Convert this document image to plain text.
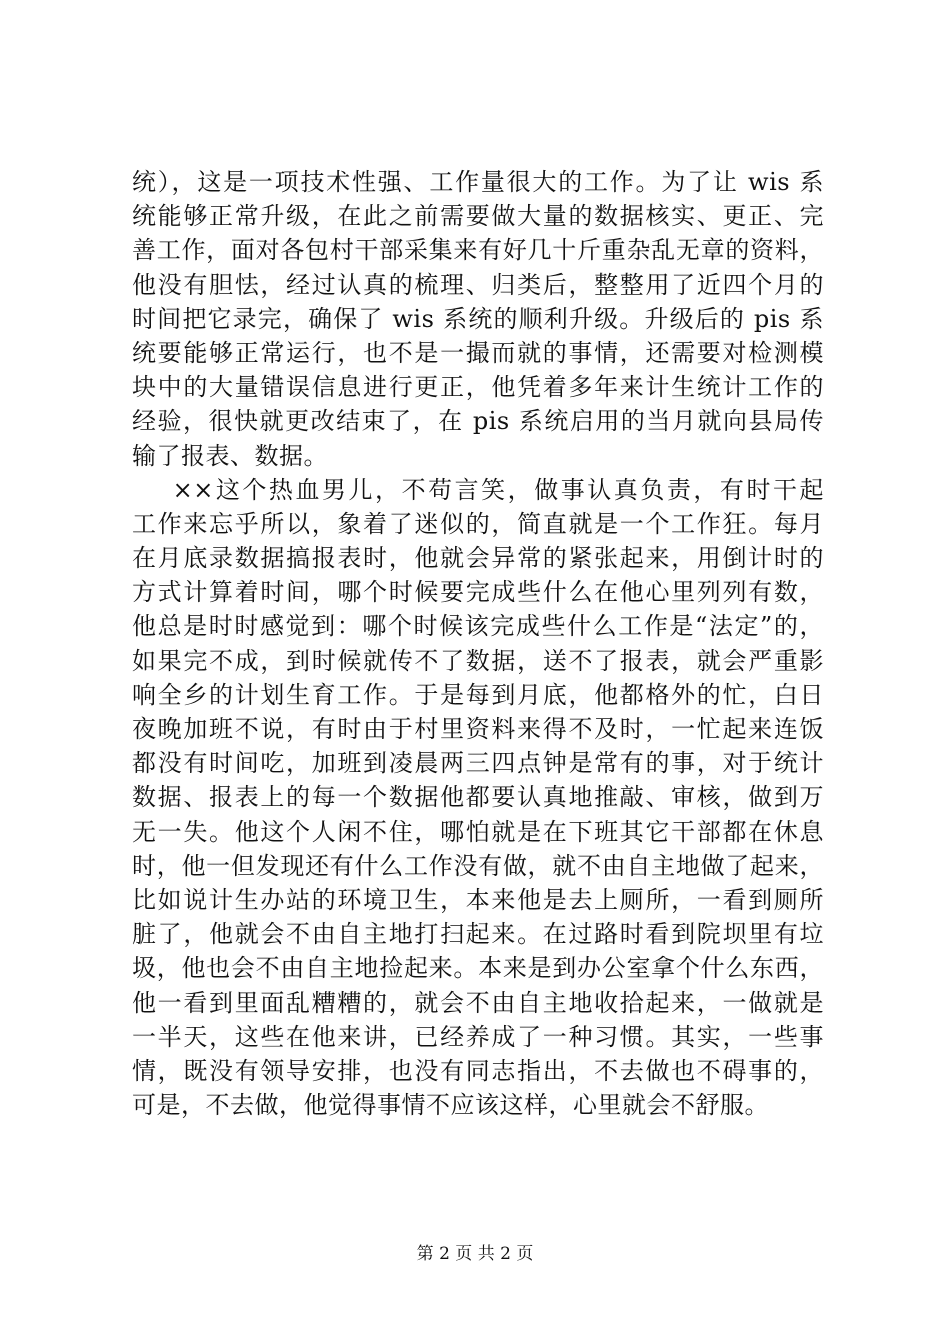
统），这是一项技术性强、工作量很大的工作。为了让 wis 系
统能够正常升级，在此之前需要做大量的数据核实、更正、完
善工作，面对各包村干部采集来有好几十斤重杂乱无章的资料，
他没有胆怯，经过认真的梳理、归类后，整整用了近四个月的
时间把它录完，确保了 wis 系统的顺利升级。升级后的 pis 系
统要能够正常运行，也不是一撮而就的事情，还需要对检测模
块中的大量错误信息进行更正，他凭着多年来计生统计工作的
经验，很快就更改结束了，在 pis 系统启用的当月就向县局传
输了报表、数据。
××这个热血男儿，不苟言笑，做事认真负责，有时干起
工作来忘乎所以，象着了迷似的，简直就是一个工作狂。每月
在月底录数据搞报表时，他就会异常的紧张起来，用倒计时的
方式计算着时间，哪个时候要完成些什么在他心里列列有数，
他总是时时感觉到：哪个时候该完成些什么工作是“法定”的，
如果完不成，到时候就传不了数据，送不了报表，就会严重影
响全乡的计划生育工作。于是每到月底，他都格外的忙，白日
夜晚加班不说，有时由于村里资料来得不及时，一忙起来连饭
都没有时间吃，加班到凌晨两三四点钟是常有的事，对于统计
数据、报表上的每一个数据他都要认真地推敲、审核，做到万
无一失。他这个人闲不住，哪怕就是在下班其它干部都在休息
时，他一但发现还有什么工作没有做，就不由自主地做了起来，
比如说计生办站的环境卫生，本来他是去上厕所，一看到厕所
脏了，他就会不由自主地打扫起来。在过路时看到院坝里有垃
圾，他也会不由自主地捡起来。本来是到办公室拿个什么东西，
他一看到里面乱糟糟的，就会不由自主地收拾起来，一做就是
一半天，这些在他来讲，已经养成了一种习惯。其实，一些事
情，既没有领导安排，也没有同志指出，不去做也不碍事的，
可是，不去做，他觉得事情不应该这样，心里就会不舒服。
第 2 页 共 2 页
